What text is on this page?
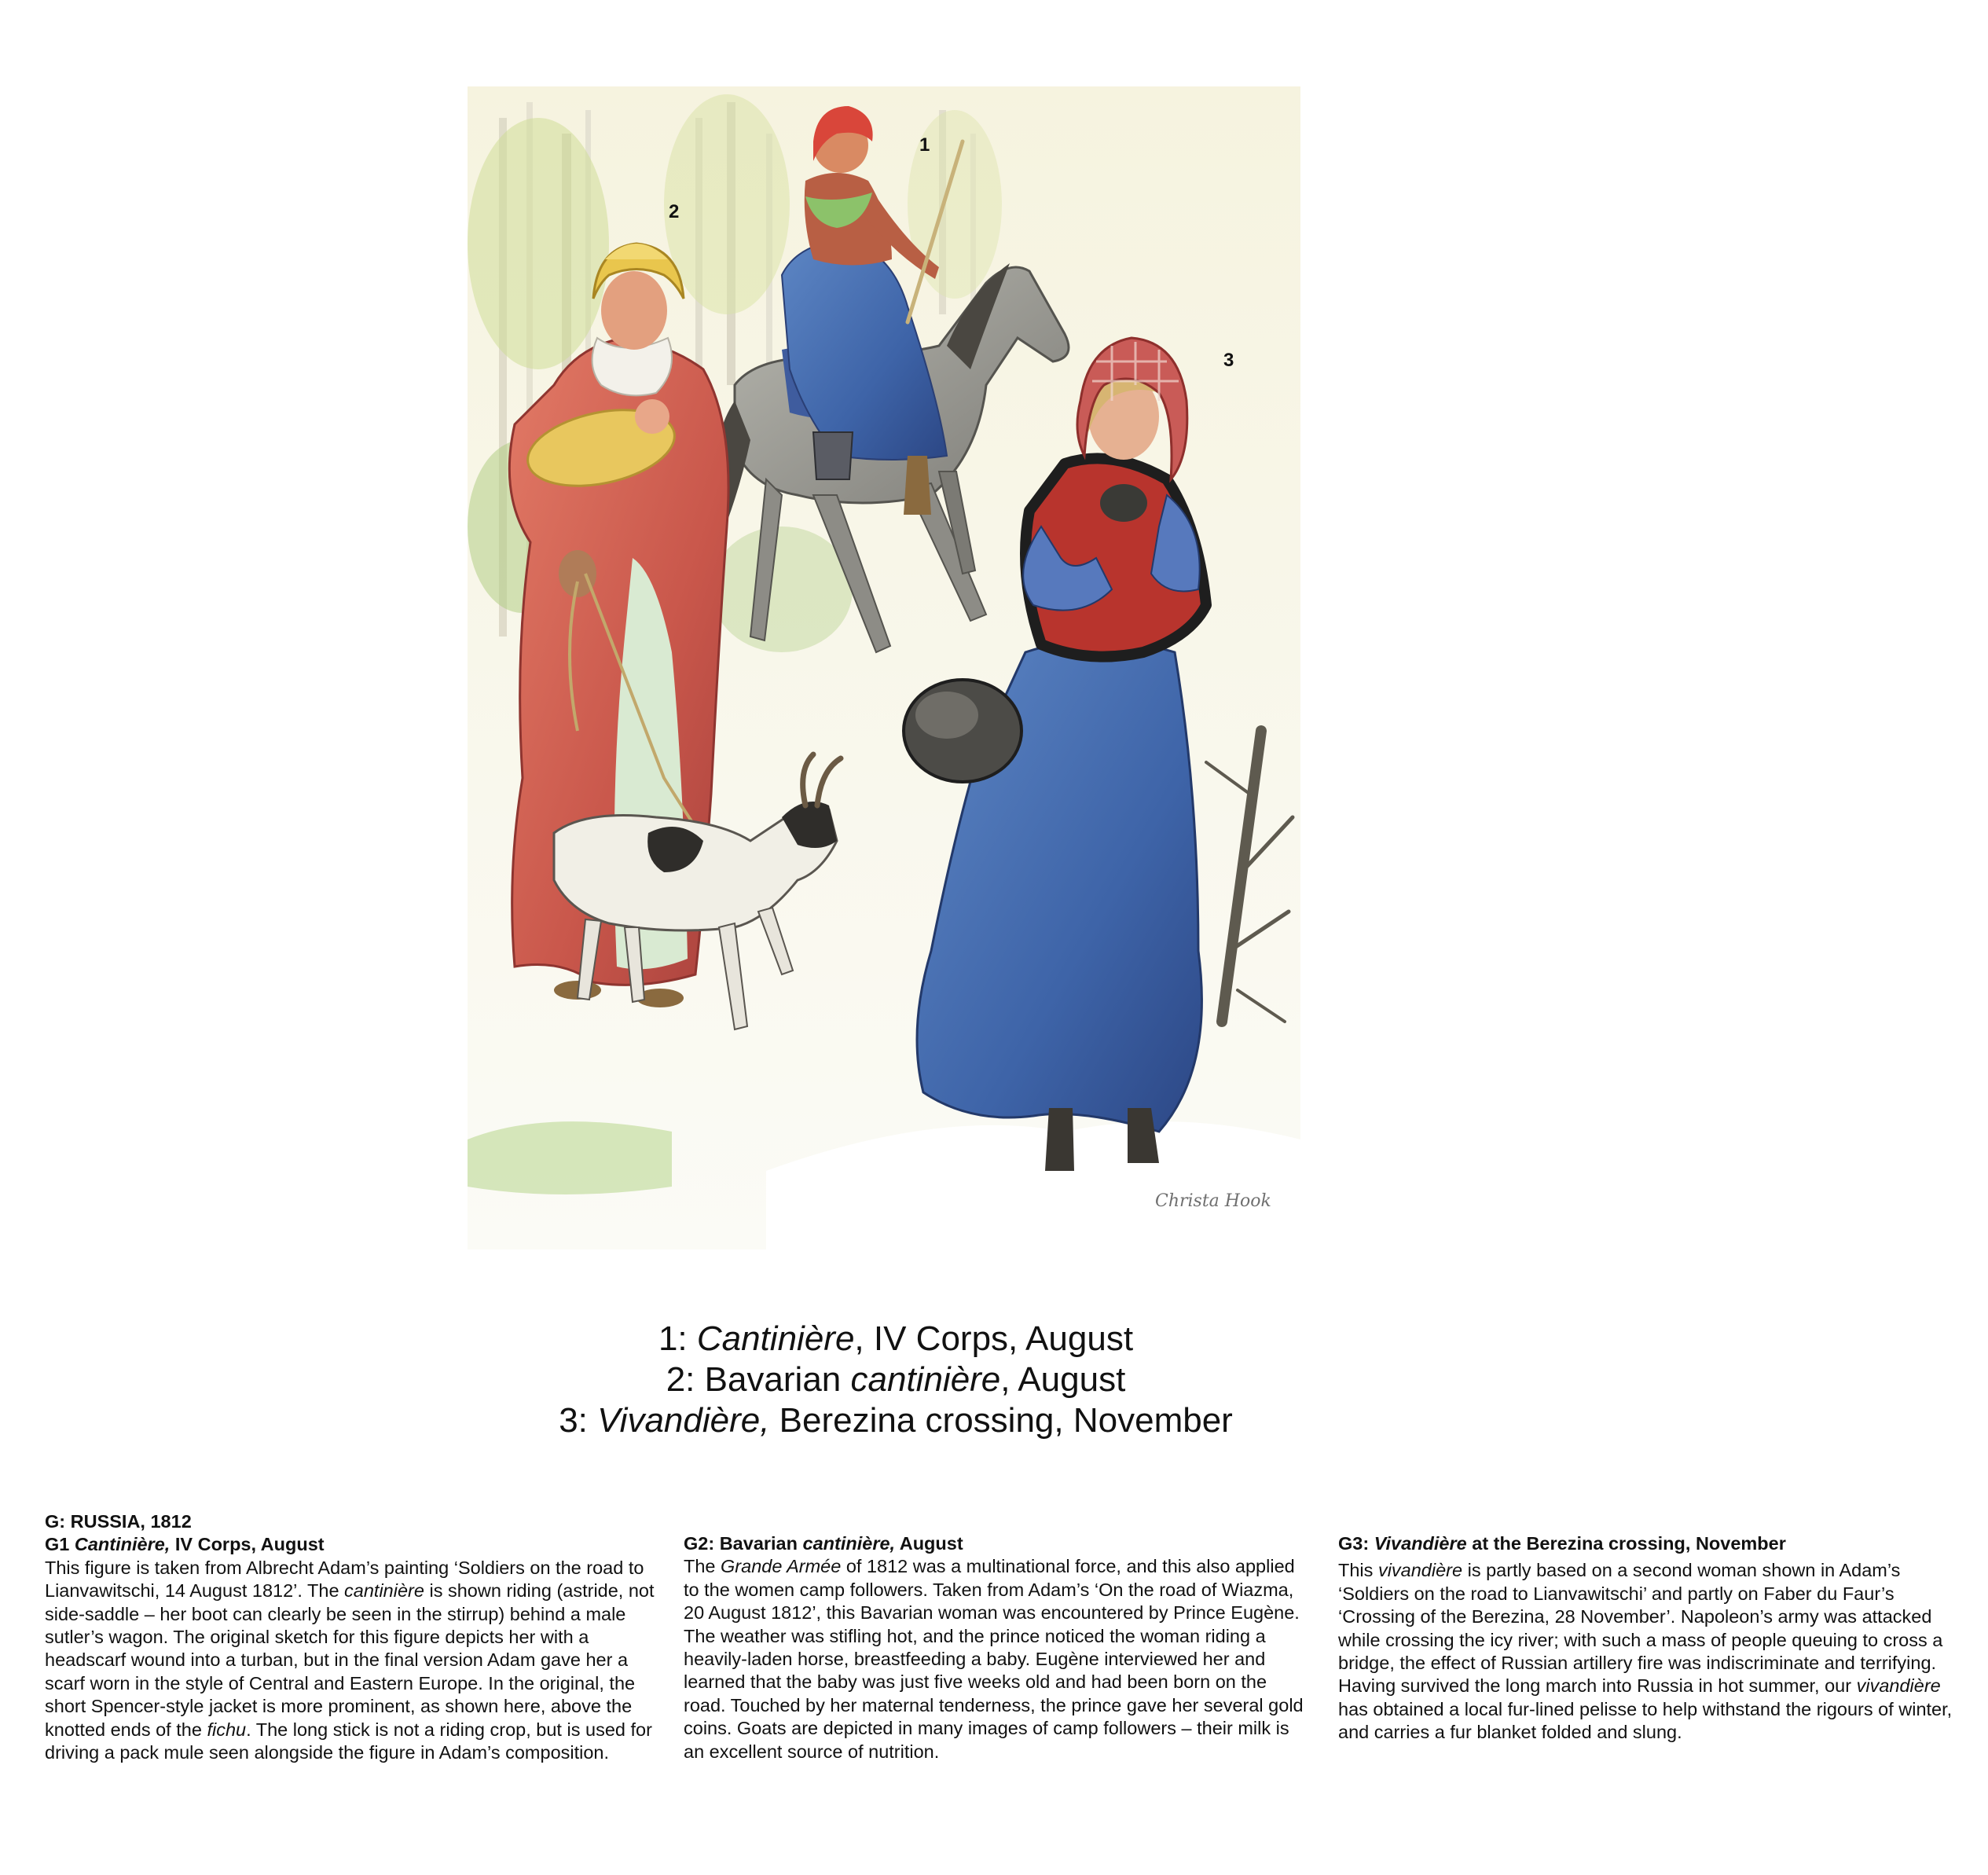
1
2
3
Christa Hook
1: Cantinière, IV Corps, August
2: Bavarian cantinière, August
3: Vivandière, Berezina crossing, November
G: RUSSIA, 1812
G1 Cantinière, IV Corps, August

This figure is taken from Albrecht Adam’s painting ‘Soldiers on the road to Lianvawitschi, 14 August 1812’. The cantinière is shown riding (astride, not side-saddle – her boot can clearly be seen in the stirrup) behind a male sutler’s wagon. The original sketch for this figure depicts her with a headscarf wound into a turban, but in the final version Adam gave her a scarf worn in the style of Central and Eastern Europe. In the original, the short Spencer-style jacket is more prominent, as shown here, above the knotted ends of the fichu. The long stick is not a riding crop, but is used for driving a pack mule seen alongside the figure in Adam’s composition.

G2: Bavarian cantinière, August

The Grande Armée of 1812 was a multinational force, and this also applied to the women camp followers. Taken from Adam’s ‘On the road of Wiazma, 20 August 1812’, this Bavarian woman was encountered by Prince Eugène. The weather was stifling hot, and the prince noticed the woman riding a heavily-laden horse, breastfeeding a baby. Eugène interviewed her and learned that the baby was just five weeks old and had been born on the road. Touched by her maternal tenderness, the prince gave her several gold coins. Goats are depicted in many images of camp followers – their milk is an excellent source of nutrition.

G3: Vivandière at the Berezina crossing, November

This vivandière is partly based on a second woman shown in Adam’s ‘Soldiers on the road to Lianvawitschi’ and partly on Faber du Faur’s ‘Crossing of the Berezina, 28 November’. Napoleon’s army was attacked while crossing the icy river; with such a mass of people queuing to cross a bridge, the effect of Russian artillery fire was indiscriminate and terrifying. Having survived the long march into Russia in hot summer, our vivandière has obtained a local fur-lined pelisse to help withstand the rigours of winter, and carries a fur blanket folded and slung.
